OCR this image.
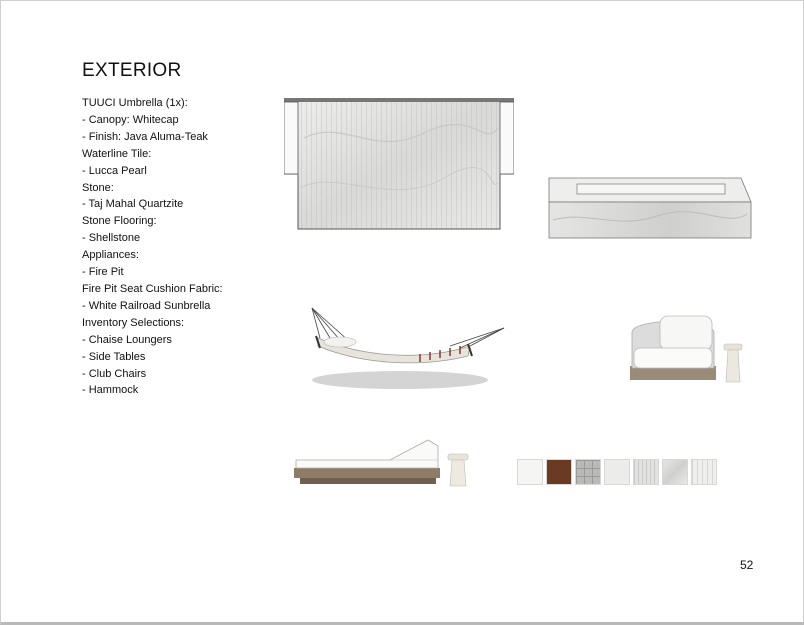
EXTERIOR
TUUCI Umbrella (1x):
- Canopy: Whitecap
- Finish: Java Aluma-Teak
Waterline Tile:
- Lucca Pearl
Stone:
- Taj Mahal Quartzite
Stone Flooring:
- Shellstone
Appliances:
- Fire Pit
Fire Pit Seat Cushion Fabric:
- White Railroad Sunbrella
Inventory Selections:
- Chaise Loungers
- Side Tables
- Club Chairs
- Hammock
52
